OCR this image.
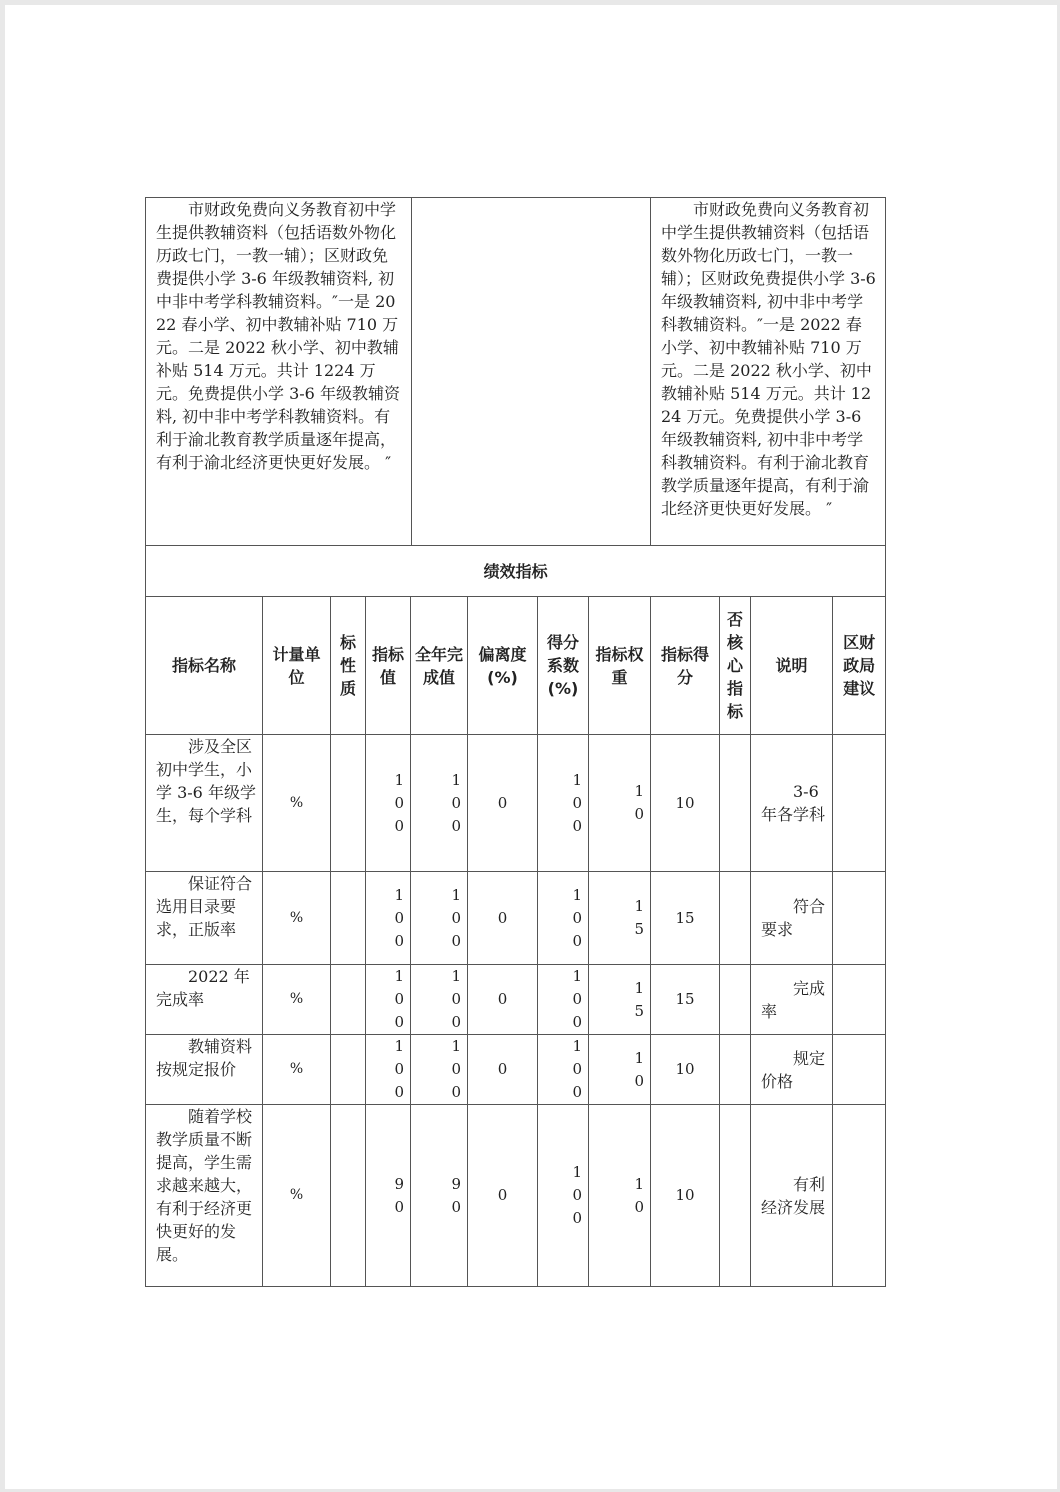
市财政免费向义务教育初中学生提供教辅资料（包括语数外物化历政七门，一教一辅）；区财政免费提供小学 3-6 年级教辅资料, 初中非中考学科教辅资料。″一是 2022 春小学、初中教辅补贴 710 万元。二是 2022 秋小学、初中教辅补贴 514 万元。共计 1224 万元。免费提供小学 3-6 年级教辅资料, 初中非中考学科教辅资料。有利于渝北教育教学质量逐年提高，有利于渝北经济更快更好发展。 ″		市财政免费向义务教育初中学生提供教辅资料（包括语数外物化历政七门，一教一辅）；区财政免费提供小学 3-6 年级教辅资料, 初中非中考学科教辅资料。″一是 2022 春小学、初中教辅补贴 710 万元。二是 2022 秋小学、初中教辅补贴 514 万元。共计 1224 万元。免费提供小学 3-6 年级教辅资料, 初中非中考学科教辅资料。有利于渝北教育教学质量逐年提高，有利于渝北经济更快更好发展。 ″
绩效指标											
指标名称	计量单位	标性质	指标值	全年完成值	偏离度(%)	得分系数(%)	指标权重	指标得分	否核心指标	说明	区财政局建议
涉及全区初中学生，小学 3-6 年级学生，每个学科	%		100	100	0	100	10	10		3-6 年各学科	
保证符合选用目录要求，正版率	%		100	100	0	100	15	15		符合要求	
2022 年完成率	%		100	100	0	100	15	15		完成率	
教辅资料按规定报价	%		100	100	0	100	10	10		规定价格	
随着学校教学质量不断提高，学生需求越来越大，有利于经济更快更好的发展。	%		90	90	0	100	10	10		有利经济发展	
